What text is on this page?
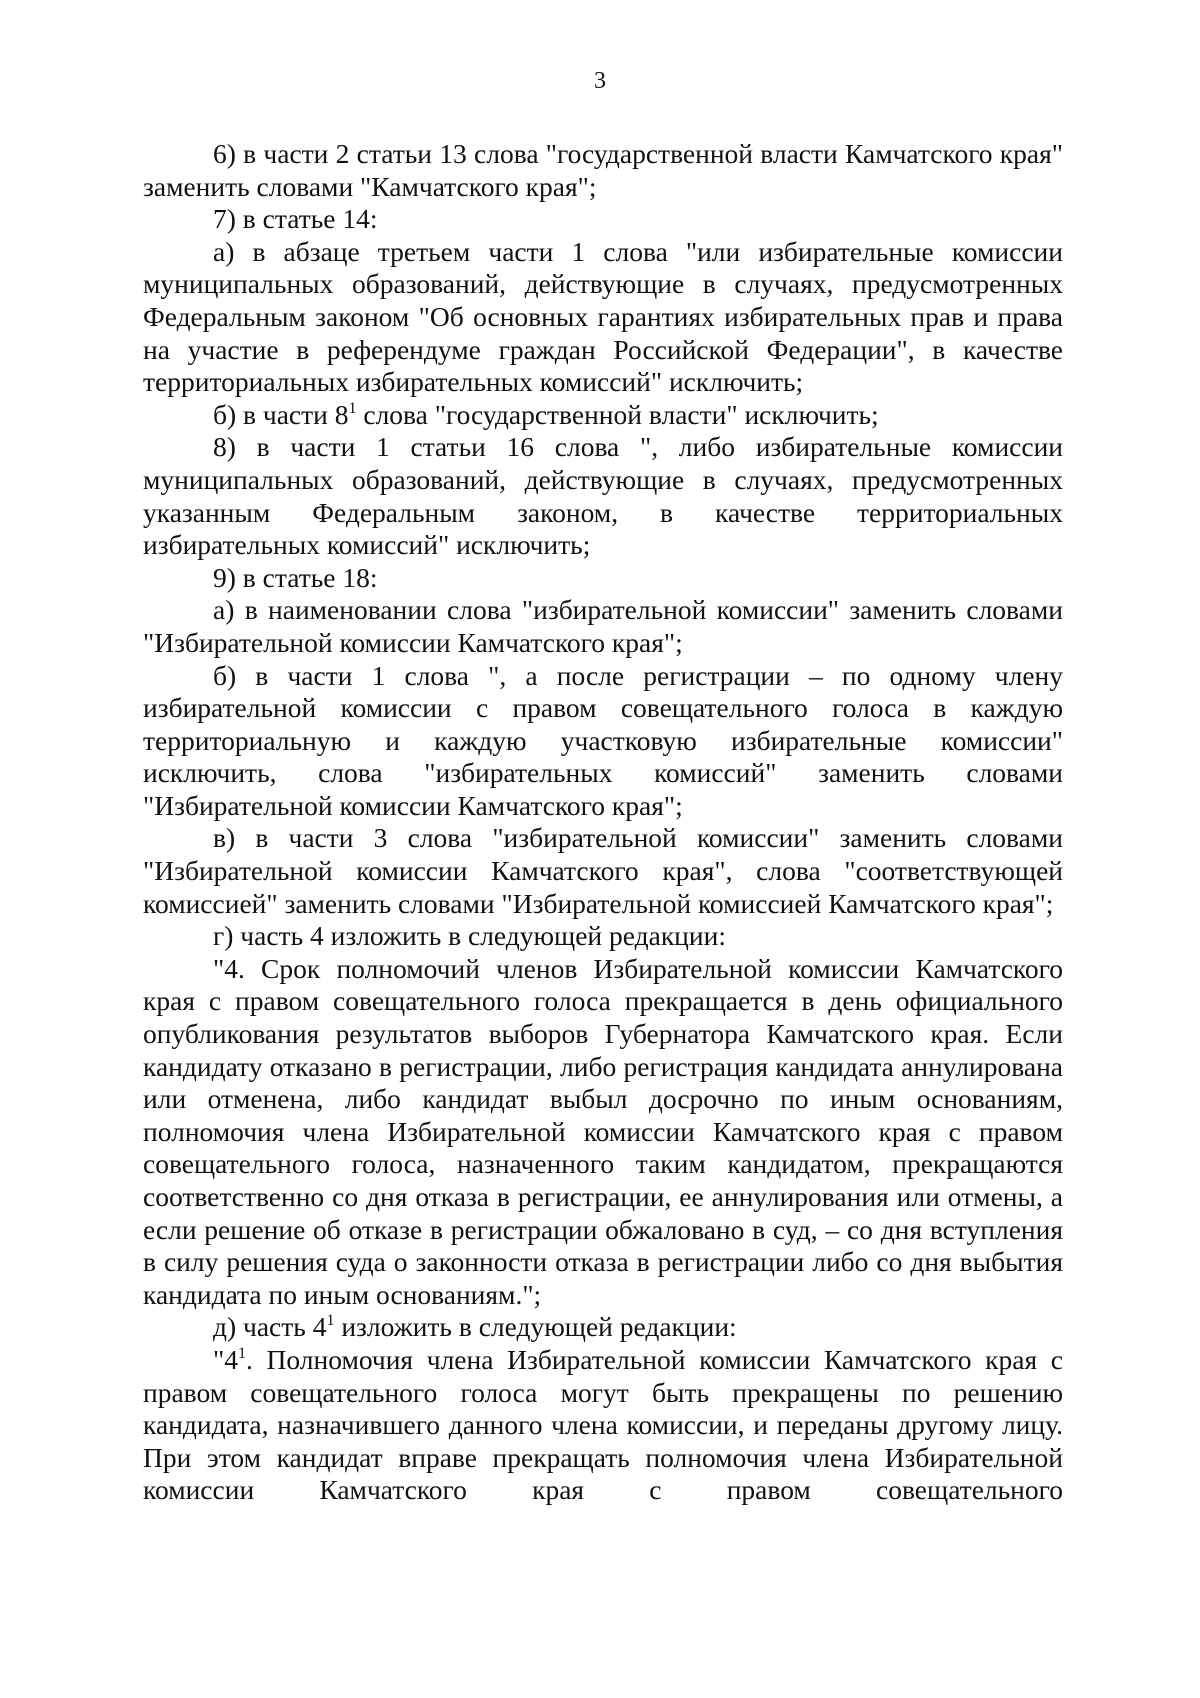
3

6) в части 2 статьи 13 слова "государственной власти Камчатского края" заменить словами "Камчатского края";

7) в статье 14:

а) в абзаце третьем части 1 слова "или избирательные комиссии муниципальных образований, действующие в случаях, предусмотренных Федеральным законом "Об основных гарантиях избирательных прав и права на участие в референдуме граждан Российской Федерации", в качестве территориальных избирательных комиссий" исключить;

б) в части $8^1$ слова "государственной власти" исключить;

8) в части 1 статьи 16 слова ", либо избирательные комиссии муниципальных образований, действующие в случаях, предусмотренных указанным Федеральным законом, в качестве территориальных избирательных комиссий" исключить;

9) в статье 18:

а) в наименовании слова "избирательной комиссии" заменить словами "Избирательной комиссии Камчатского края";

б) в части 1 слова ", а после регистрации – по одному члену избирательной комиссии с правом совещательного голоса в каждую территориальную и каждую участковую избирательные комиссии" исключить, слова "избирательных комиссий" заменить словами "Избирательной комиссии Камчатского края";

в) в части 3 слова "избирательной комиссии" заменить словами "Избирательной комиссии Камчатского края", слова "соответствующей комиссией" заменить словами "Избирательной комиссией Камчатского края";

г) часть 4 изложить в следующей редакции:

"4. Срок полномочий членов Избирательной комиссии Камчатского края с правом совещательного голоса прекращается в день официального опубликования результатов выборов Губернатора Камчатского края. Если кандидату отказано в регистрации, либо регистрация кандидата аннулирована или отменена, либо кандидат выбыл досрочно по иным основаниям, полномочия члена Избирательной комиссии Камчатского края с правом совещательного голоса, назначенного таким кандидатом, прекращаются соответственно со дня отказа в регистрации, ее аннулирования или отмены, а если решение об отказе в регистрации обжаловано в суд, – со дня вступления в силу решения суда о законности отказа в регистрации либо со дня выбытия кандидата по иным основаниям.";

д) часть $4^1$ изложить в следующей редакции:

"$4^1$. Полномочия члена Избирательной комиссии Камчатского края с правом совещательного голоса могут быть прекращены по решению кандидата, назначившего данного члена комиссии, и переданы другому лицу. При этом кандидат вправе прекращать полномочия члена Избирательной комиссии Камчатского края с правом совещательного
